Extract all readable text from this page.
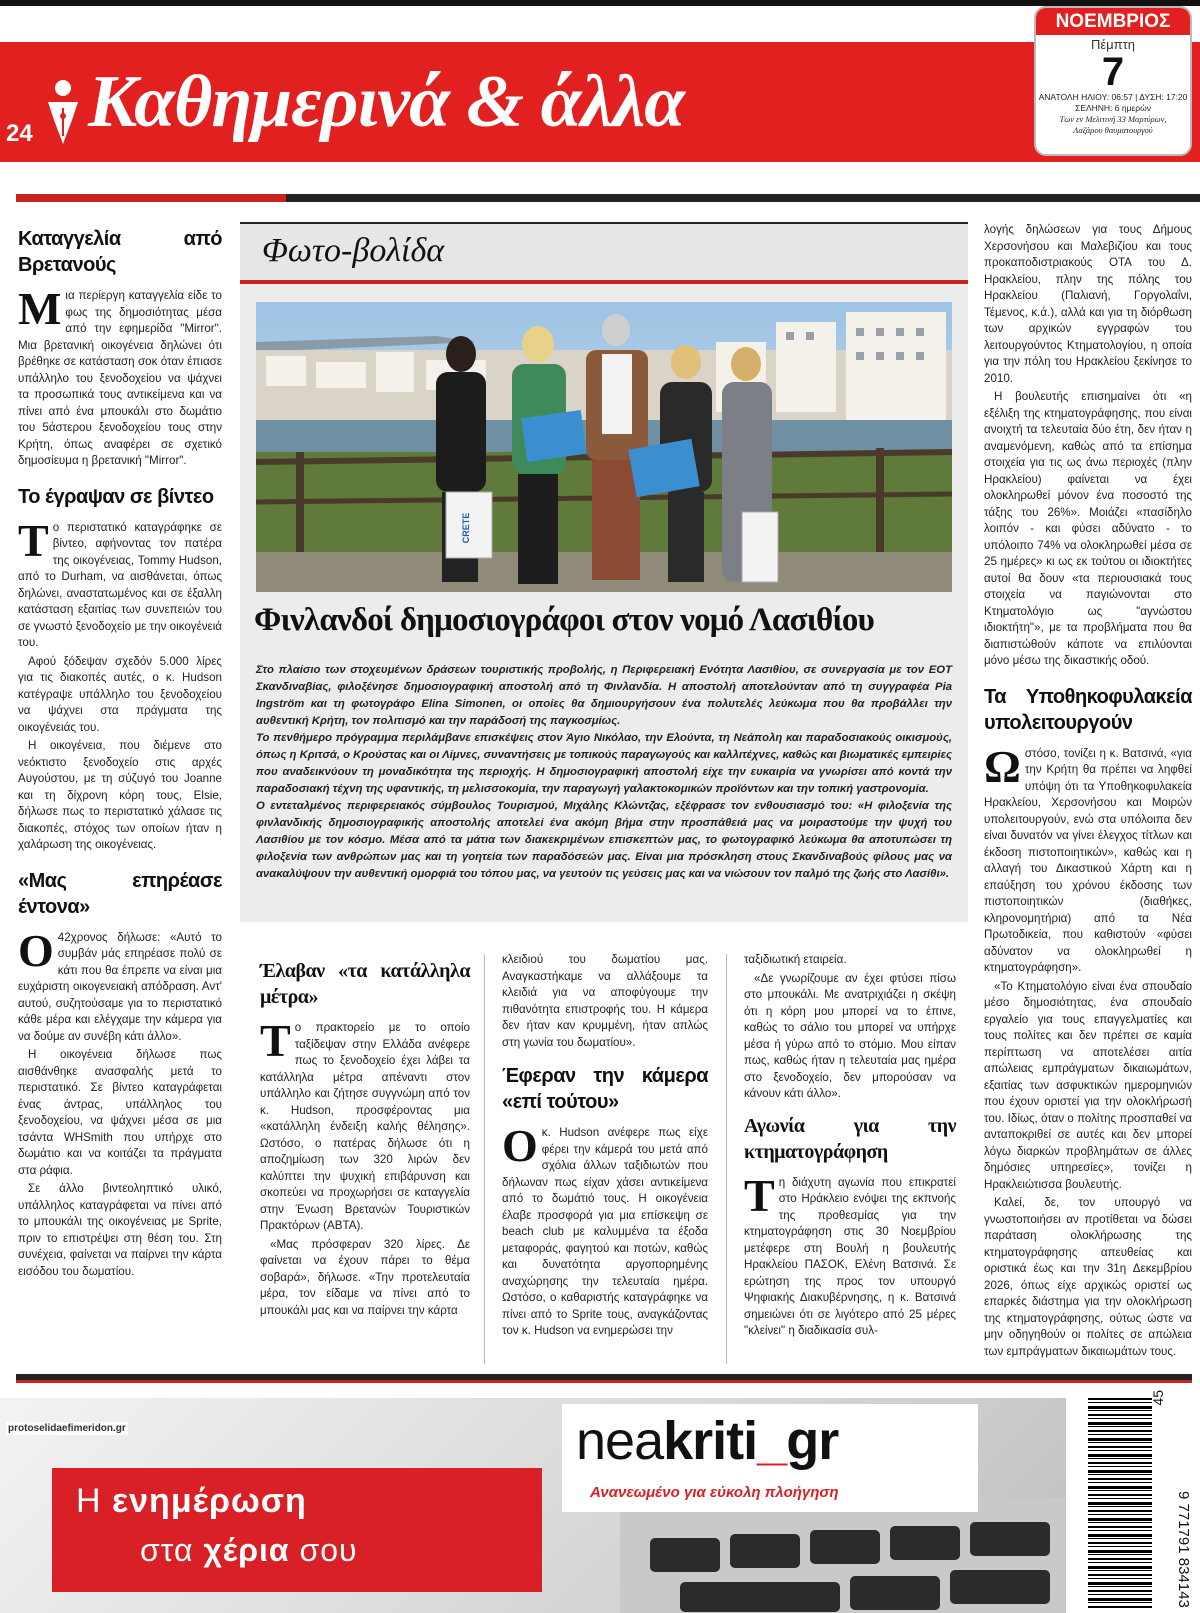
24 Καθημερινά & άλλα
ΝΟΕΜΒΡΙΟΣ
Πέμπτη
7
ΑΝΑΤΟΛΗ ΗΛΙΟΥ: 06:57 | ΔΥΣΗ: 17:20
ΣΕΛΗΝΗ: 6 ημερών
Των εν Μελιτινή 33 Μαρτύρων,
Λαζάρου θαυματουργού
Καταγγελία από Βρετανούς

Μια περίεργη καταγγελία είδε το φως της δημοσιότητας μέσα από την εφημερίδα "Mirror". Μια βρετανική οικογένεια δηλώνει ότι βρέθηκε σε κατάσταση σοκ όταν έπιασε υπάλληλο του ξενοδοχείου να ψάχνει τα προσωπικά τους αντικείμενα και να πίνει από ένα μπουκάλι στο δωμάτιο του 5άστερου ξενοδοχείου τους στην Κρήτη, όπως αναφέρει σε σχετικό δημοσίευμα η βρετανική "Mirror".

Το έγραψαν σε βίντεο

Το περιστατικό καταγράφηκε σε βίντεο, αφήνοντας τον πατέρα της οικογένειας, Tommy Hudson, από το Durham, να αισθάνεται, όπως δηλώνει, αναστατωμένος και σε έξαλλη κατάσταση εξαιτίας των συνεπειών του σε γνωστό ξενοδοχείο με την οικογένειά του.

Αφού ξόδεψαν σχεδόν 5.000 λίρες για τις διακοπές αυτές, ο κ. Hudson κατέγραψε υπάλληλο του ξενοδοχείου να ψάχνει στα πράγματα της οικογένειάς του.

Η οικογένεια, που διέμενε στο νεόκτιστο ξενοδοχείο στις αρχές Αυγούστου, με τη σύζυγό του Joanne και τη δίχρονη κόρη τους, Elsie, δήλωσε πως το περιστατικό χάλασε τις διακοπές, στόχος των οποίων ήταν η χαλάρωση της οικογένειας.

«Μας επηρέασε έντονα»

Ο 42χρονος δήλωσε: «Αυτό το συμβάν μάς επηρέασε πολύ σε κάτι που θα έπρεπε να είναι μια ευχάριστη οικογενειακή απόδραση. Αντ' αυτού, συζητούσαμε για το περιστατικό κάθε μέρα και ελέγχαμε την κάμερα για να δούμε αν συνέβη κάτι άλλο».

Η οικογένεια δήλωσε πως αισθάνθηκε ανασφαλής μετά το περιστατικό. Σε βίντεο καταγράφεται ένας άντρας, υπάλληλος του ξενοδοχείου, να ψάχνει μέσα σε μια τσάντα WHSmith που υπήρχε στο δωμάτιο και να κοιτάζει τα πράγματα στα ράφια.

Σε άλλο βιντεοληπτικό υλικό, υπάλληλος καταγράφεται να πίνει από το μπουκάλι της οικογένειας με Sprite, πριν το επιστρέψει στη θέση του. Στη συνέχεια, φαίνεται να παίρνει την κάρτα εισόδου του δωματίου.

Φωτο-βολίδα
CRETE
Φινλανδοί δημοσιογράφοι στον νομό Λασιθίου

Στο πλαίσιο των στοχευμένων δράσεων τουριστικής προβολής, η Περιφερειακή Ενότητα Λασιθίου, σε συνεργασία με τον ΕΟΤ Σκανδιναβίας, φιλοξένησε δημοσιογραφική αποστολή από τη Φινλανδία. Η αποστολή αποτελούνταν από τη συγγραφέα Pia Ingström και τη φωτογράφο Elina Simonen, οι οποίες θα δημιουργήσουν ένα πολυτελές λεύκωμα που θα προβάλλει την αυθεντική Κρήτη, τον πολιτισμό και την παράδοσή της παγκοσμίως.

Το πενθήμερο πρόγραμμα περιλάμβανε επισκέψεις στον Άγιο Νικόλαο, την Ελούντα, τη Νεάπολη και παραδοσιακούς οικισμούς, όπως η Κριτσά, ο Κρούστας και οι Λίμνες, συναντήσεις με τοπικούς παραγωγούς και καλλιτέχνες, καθώς και βιωματικές εμπειρίες που αναδεικνύουν τη μοναδικότητα της περιοχής. Η δημοσιογραφική αποστολή είχε την ευκαιρία να γνωρίσει από κοντά την παραδοσιακή τέχνη της υφαντικής, τη μελισσοκομία, την παραγωγή γαλακτοκομικών προϊόντων και την τοπική γαστρονομία.

Ο εντεταλμένος περιφερειακός σύμβουλος Τουρισμού, Μιχάλης Κλώντζας, εξέφρασε τον ενθουσιασμό του: «Η φιλοξενία της φινλανδικής δημοσιογραφικής αποστολής αποτελεί ένα ακόμη βήμα στην προσπάθειά μας να μοιραστούμε την ψυχή του Λασιθίου με τον κόσμο. Μέσα από τα μάτια των διακεκριμένων επισκεπτών μας, το φωτογραφικό λεύκωμα θα αποτυπώσει τη φιλοξενία των ανθρώπων μας και τη γοητεία των παραδόσεών μας. Είναι μια πρόσκληση στους Σκανδιναβούς φίλους μας να ανακαλύψουν την αυθεντική ομορφιά του τόπου μας, να γευτούν τις γεύσεις μας και να νιώσουν τον παλμό της ζωής στο Λασίθι».

Έλαβαν «τα κατάλληλα μέτρα»

Το πρακτορείο με το οποίο ταξίδεψαν στην Ελλάδα ανέφερε πως το ξενοδοχείο έχει λάβει τα κατάλληλα μέτρα απέναντι στον υπάλληλο και ζήτησε συγγνώμη από τον κ. Hudson, προσφέροντας μια «κατάλληλη ένδειξη καλής θέλησης». Ωστόσο, ο πατέρας δήλωσε ότι η αποζημίωση των 320 λιρών δεν καλύπτει την ψυχική επιβάρυνση και σκοπεύει να προχωρήσει σε καταγγελία στην Ένωση Βρετανών Τουριστικών Πρακτόρων (ABTA).

«Μας πρόσφεραν 320 λίρες. Δε φαίνεται να έχουν πάρει το θέμα σοβαρά», δήλωσε. «Την προτελευταία μέρα, τον είδαμε να πίνει από το μπουκάλι μας και να παίρνει την κάρτα

κλειδιού του δωματίου μας. Αναγκαστήκαμε να αλλάξουμε τα κλειδιά για να αποφύγουμε την πιθανότητα επιστροφής του. Η κάμερα δεν ήταν καν κρυμμένη, ήταν απλώς στη γωνία του δωματίου».

Έφεραν την κάμερα «επί τούτου»

Οκ. Hudson ανέφερε πως είχε φέρει την κάμερά του μετά από σχόλια άλλων ταξιδιωτών που δήλωναν πως είχαν χάσει αντικείμενα από το δωμάτιό τους. Η οικογένεια έλαβε προσφορά για μια επίσκεψη σε beach club με καλυμμένα τα έξοδα μεταφοράς, φαγητού και ποτών, καθώς και δυνατότητα αργοπορημένης αναχώρησης την τελευταία ημέρα. Ωστόσο, ο καθαριστής καταγράφηκε να πίνει από το Sprite τους, αναγκάζοντας τον κ. Hudson να ενημερώσει την

ταξιδιωτική εταιρεία.

«Δε γνωρίζουμε αν έχει φτύσει πίσω στο μπουκάλι. Με ανατριχιάζει η σκέψη ότι η κόρη μου μπορεί να το έπινε, καθώς το σάλιο του μπορεί να υπήρχε μέσα ή γύρω από το στόμιο. Μου είπαν πως, καθώς ήταν η τελευταία μας ημέρα στο ξενοδοχείο, δεν μπορούσαν να κάνουν κάτι άλλο».

Αγωνία για την κτηματογράφηση

Τη διάχυτη αγωνία που επικρατεί στο Ηράκλειο ενόψει της εκπνοής της προθεσμίας για την κτηματογράφηση στις 30 Νοεμβρίου μετέφερε στη Βουλή η βουλευτής Ηρακλείου ΠΑΣΟΚ, Ελένη Βατσινά. Σε ερώτηση της προς τον υπουργό Ψηφιακής Διακυβέρνησης, η κ. Βατσινά σημειώνει ότι σε λιγότερο από 25 μέρες "κλείνει" η διαδικασία συλ-

λογής δηλώσεων για τους Δήμους Χερσονήσου και Μαλεβιζίου και τους προκαποδιστριακούς ΟΤΑ του Δ. Ηρακλείου, πλην της πόλης του Ηρακλείου (Παλιανή, Γοργολαΐνι, Τέμενος, κ.ά.), αλλά και για τη διόρθωση των αρχικών εγγραφών του λειτουργούντος Κτηματολογίου, η οποία για την πόλη του Ηρακλείου ξεκίνησε το 2010.

Η βουλευτής επισημαίνει ότι «η εξέλιξη της κτηματογράφησης, που είναι ανοιχτή τα τελευταία δύο έτη, δεν ήταν η αναμενόμενη, καθώς από τα επίσημα στοιχεία για τις ως άνω περιοχές (πλην Ηρακλείου) φαίνεται να έχει ολοκληρωθεί μόνον ένα ποσοστό της τάξης του 26%». Μοιάζει «πασίδηλο λοιπόν - και φύσει αδύνατο - το υπόλοιπο 74% να ολοκληρωθεί μέσα σε 25 ημέρες» κι ως εκ τούτου οι ιδιοκτήτες αυτοί θα δουν «τα περιουσιακά τους στοιχεία να παγιώνονται στο Κτηματολόγιο ως "αγνώστου ιδιοκτήτη"», με τα προβλήματα που θα διαπιστώθούν κάποτε να επιλύονται μόνο μέσω της δικαστικής οδού.

Τα Υποθηκοφυλακεία υπολειτουργούν

Ωστόσο, τονίζει η κ. Βατσινά, «για την Κρήτη θα πρέπει να ληφθεί υπόψη ότι τα Υποθηκοφυλακεία Ηρακλείου, Χερσονήσου και Μοιρών υπολειτουργούν, ενώ στα υπόλοιπα δεν είναι δυνατόν να γίνει έλεγχος τίτλων και έκδοση πιστοποιητικών», καθώς και η αλλαγή του Δικαστικού Χάρτη και η επαύξηση του χρόνου έκδοσης των πιστοποιητικών (διαθήκες, κληρονομητήρια) από τα Νέα Πρωτοδικεία, που καθιστούν «φύσει αδύνατον να ολοκληρωθεί η κτηματογράφηση».

«Το Κτηματολόγιο είναι ένα σπουδαίο μέσο δημοσιότητας, ένα σπουδαίο εργαλείο για τους επαγγελματίες και τους πολίτες και δεν πρέπει σε καμία περίπτωση να αποτελέσει αιτία απώλειας εμπράγματων δικαιωμάτων, εξαιτίας των ασφυκτικών ημερομηνιών που έχουν οριστεί για την ολοκλήρωσή του. Ιδίως, όταν ο πολίτης προσπαθεί να ανταποκριθεί σε αυτές και δεν μπορεί λόγω διαρκών προβλημάτων σε άλλες δημόσιες υπηρεσίες», τονίζει η Ηρακλειώτισσα βουλευτής.

Καλεί, δε, τον υπουργό να γνωστοποιήσει αν προτίθεται να δώσει παράταση ολοκλήρωσης της κτηματογράφησης απευθείας και οριστικά έως και την 31η Δεκεμβρίου 2026, όπως είχε αρχικώς οριστεί ως επαρκές διάστημα για την ολοκλήρωση της κτηματογράφησης, ούτως ώστε να μην οδηγηθούν οι πολίτες σε απώλεια των εμπράγματων δικαιωμάτων τους.

protoselidaefimeridon.gr
Η ενημέρωση
στα χέρια σου
neakriti_gr
Ανανεωμένο για εύκολη πλοήγηση
45
9 771791 834143
